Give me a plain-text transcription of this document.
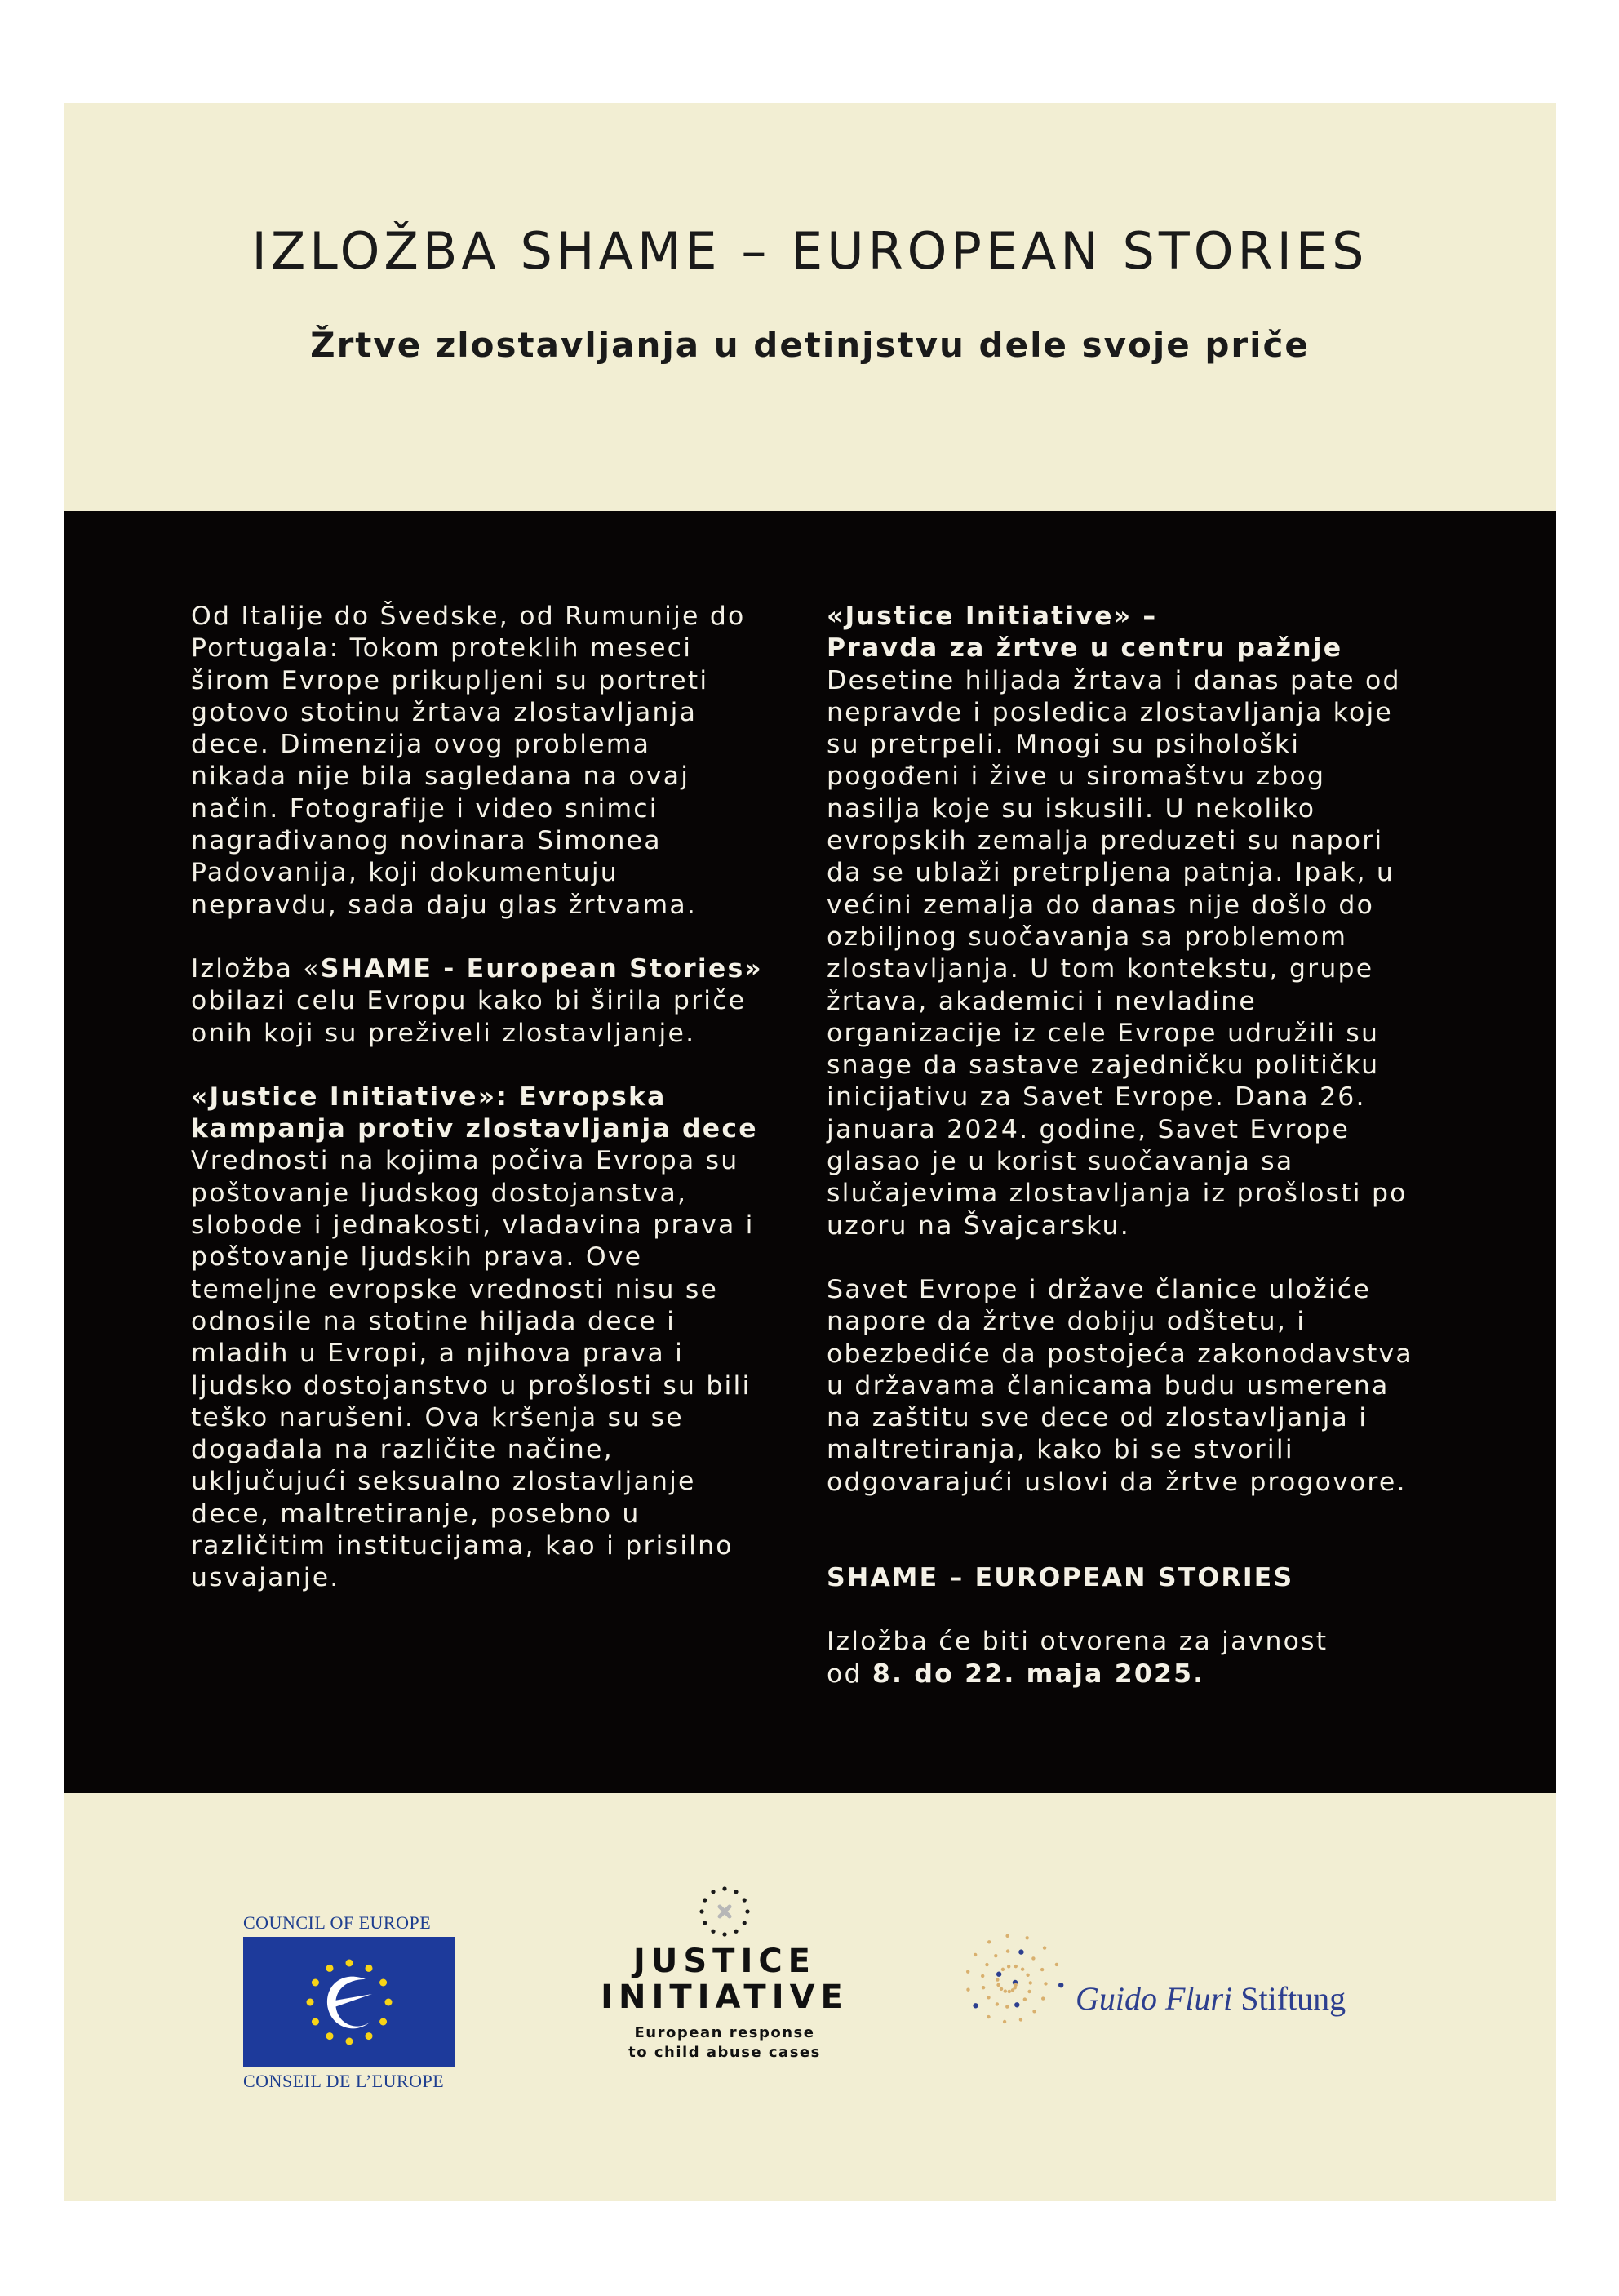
IZLOŽBA SHAME – EUROPEAN STORIES
Žrtve zlostavljanja u detinjstvu dele svoje priče
Od Italije do Švedske, od Rumunije do
Portugala: Tokom proteklih meseci
širom Evrope prikupljeni su portreti
gotovo stotinu žrtava zlostavljanja
dece. Dimenzija ovog problema
nikada nije bila sagledana na ovaj
način. Fotografije i video snimci
nagrađivanog novinara Simonea
Padovanija, koji dokumentuju
nepravdu, sada daju glas žrtvama.
Izložba «SHAME - European Stories»
obilazi celu Evropu kako bi širila priče
onih koji su preživeli zlostavljanje.
«Justice Initiative»: Evropska
kampanja protiv zlostavljanja dece
Vrednosti na kojima počiva Evropa su
poštovanje ljudskog dostojanstva,
slobode i jednakosti, vladavina prava i
poštovanje ljudskih prava. Ove
temeljne evropske vrednosti nisu se
odnosile na stotine hiljada dece i
mladih u Evropi, a njihova prava i
ljudsko dostojanstvo u prošlosti su bili
teško narušeni. Ova kršenja su se
događala na različite načine,
uključujući seksualno zlostavljanje
dece, maltretiranje, posebno u
različitim institucijama, kao i prisilno
usvajanje.
«Justice Initiative» –
Pravda za žrtve u centru pažnje
Desetine hiljada žrtava i danas pate od
nepravde i posledica zlostavljanja koje
su pretrpeli. Mnogi su psihološki
pogođeni i žive u siromaštvu zbog
nasilja koje su iskusili. U nekoliko
evropskih zemalja preduzeti su napori
da se ublaži pretrpljena patnja. Ipak, u
većini zemalja do danas nije došlo do
ozbiljnog suočavanja sa problemom
zlostavljanja. U tom kontekstu, grupe
žrtava, akademici i nevladine
organizacije iz cele Evrope udružili su
snage da sastave zajedničku političku
inicijativu za Savet Evrope. Dana 26.
januara 2024. godine, Savet Evrope
glasao je u korist suočavanja sa
slučajevima zlostavljanja iz prošlosti po
uzoru na Švajcarsku.
Savet Evrope i države članice uložiće
napore da žrtve dobiju odštetu, i
obezbediće da postojeća zakonodavstva
u državama članicama budu usmerena
na zaštitu sve dece od zlostavljanja i
maltretiranja, kako bi se stvorili
odgovarajući uslovi da žrtve progovore.
SHAME – EUROPEAN STORIES
Izložba će biti otvorena za javnost
od 8. do 22. maja 2025.
COUNCIL OF EUROPE
CONSEIL DE L’EUROPE
JUSTICE
INITIATIVE
European response
to child abuse cases
Guido Fluri Stiftung
